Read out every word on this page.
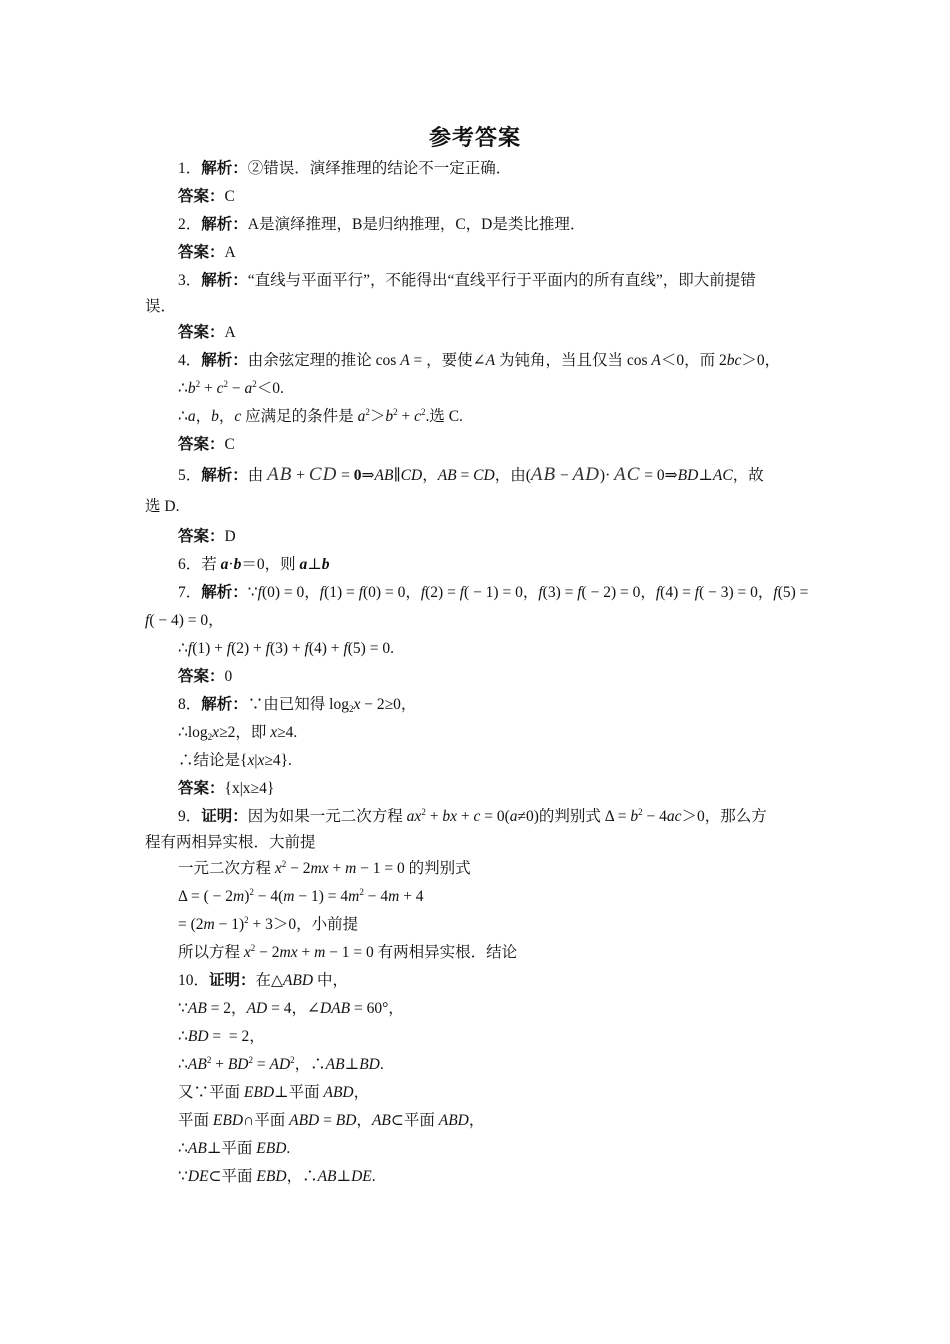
参考答案
1．解析：②错误．演绎推理的结论不一定正确．
答案：C
2．解析：A是演绎推理，B是归纳推理，C，D是类比推理．
答案：A
3．解析：“直线与平面平行”，不能得出“直线平行于平面内的所有直线”，即大前提错
误．
答案：A
4．解析：由余弦定理的推论 cos A = ，要使∠A 为钝角，当且仅当 cos A＜0，而 2bc＞0，
$\therefore b^2 + c^2 - a^2<0$.
∴a，b，c 应满足的条件是 $a^2>b^2 + c^2$.选 C.
答案：C
5．解析：由 AB + CD = 0⇒AB∥CD，AB = CD，由(AB − AD)· AC = 0⇒BD⊥AC，故
选 D.
答案：D
6．若 a·b＝0，则 a⊥b
7．解析：∵f(0) = 0，f(1) = f(0) = 0，f(2) = f( − 1) = 0，f(3) = f( − 2) = 0，f(4) = f( − 3) = 0，f(5) =
f( − 4) = 0，
∴f(1) + f(2) + f(3) + f(4) + f(5) = 0.
答案：0
8．解析：∵由已知得 $\log_2x - 2\ge 0$，
$\therefore\log_2x\ge 2$，即 x≥4.
∴结论是{x|x≥4}.
答案：{x|x≥4}
9．证明：因为如果一元二次方程 $ax^2$ + bx + c = 0(a≠0)的判别式 $\Delta = b^2 - 4ac>0$，那么方
程有两相异实根．大前提
一元二次方程 $x^2 - 2mx + m - 1 = 0$ 的判别式
Δ = ( − $2m)^2 - 4(m - 1) = 4m^2 - 4m + 4$
= $(2m - 1)^2 + 3>0$，小前提
所以方程 $x^2 - 2mx + m - 1 = 0$ 有两相异实根．结论
10．证明：在△ABD 中，
∵AB = 2，AD = 4，∠DAB = 60°，
∴BD =  = 2，
$\therefore AB^2 + BD^2 = AD^2$，∴AB⊥BD.
又∵平面 EBD⊥平面 ABD，
平面 EBD∩平面 ABD = BD，AB⊂平面 ABD，
∴AB⊥平面 EBD.
∵DE⊂平面 EBD，∴AB⊥DE.
